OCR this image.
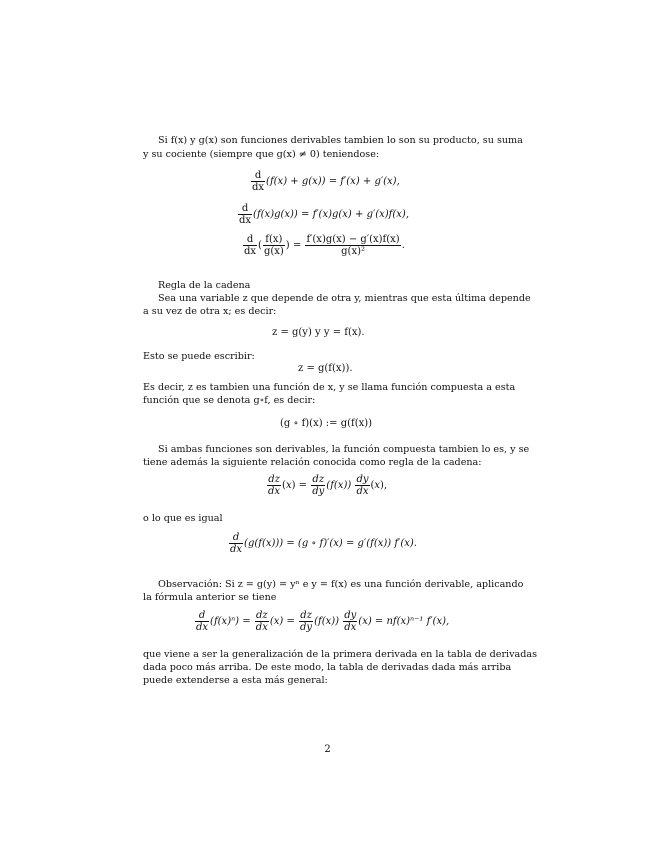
Si f(x) y g(x) son funciones derivables tambien lo son su producto, su suma
y su cociente (siempre que g(x) ≠ 0) teniendose:
$\frac{d}{dx} (f(x) + g(x)) = f'(x) + g'(x)$,
$\frac{d}{dx} (f(x)g(x)) = f'(x)g(x) + g'(x)f(x)$,
$\frac{d}{dx}$ ( $\frac{f(x)}{g(x)}$ ) = $\frac{f'(x)g(x) - g'(x)f(x)}{\text{g(x)²}}$ .
Regla de la cadena
Sea una variable z que depende de otra y, mientras que esta última depende
a su vez de otra x; es decir:
z = g(y) y y = f(x).
Esto se puede escribir:
z = g(f(x)).
Es decir, z es tambien una función de x, y se llama función compuesta a esta
función que se denota g∘f, es decir:
(g ∘ f)(x) := g(f(x))
Si ambas funciones son derivables, la función compuesta tambien lo es, y se
tiene además la siguiente relación conocida como regla de la cadena:
$\frac{dz}{dx} (x) = \frac{dz}{dy} (f(x)) \frac{dy}{dx} (x)$,
o lo que es igual
$\frac{d}{dx} (g(f(x))) = (g$ ∘ f)′(x) = g′(f(x)) f′(x).
Observación: Si z = g(y) = yⁿ e y = f(x) es una función derivable, aplicando
la fórmula anterior se tiene
$\frac{d}{dx} (f(x)^n) = \frac{dz}{dx} (x) = \frac{dz}{dy} (f(x)) \frac{dy}{dx} (x) = nf(x)^{n-1}$ f′(x),
que viene a ser la generalización de la primera derivada en la tabla de derivadas
dada poco más arriba. De este modo, la tabla de derivadas dada más arriba
puede extenderse a esta más general:
2
